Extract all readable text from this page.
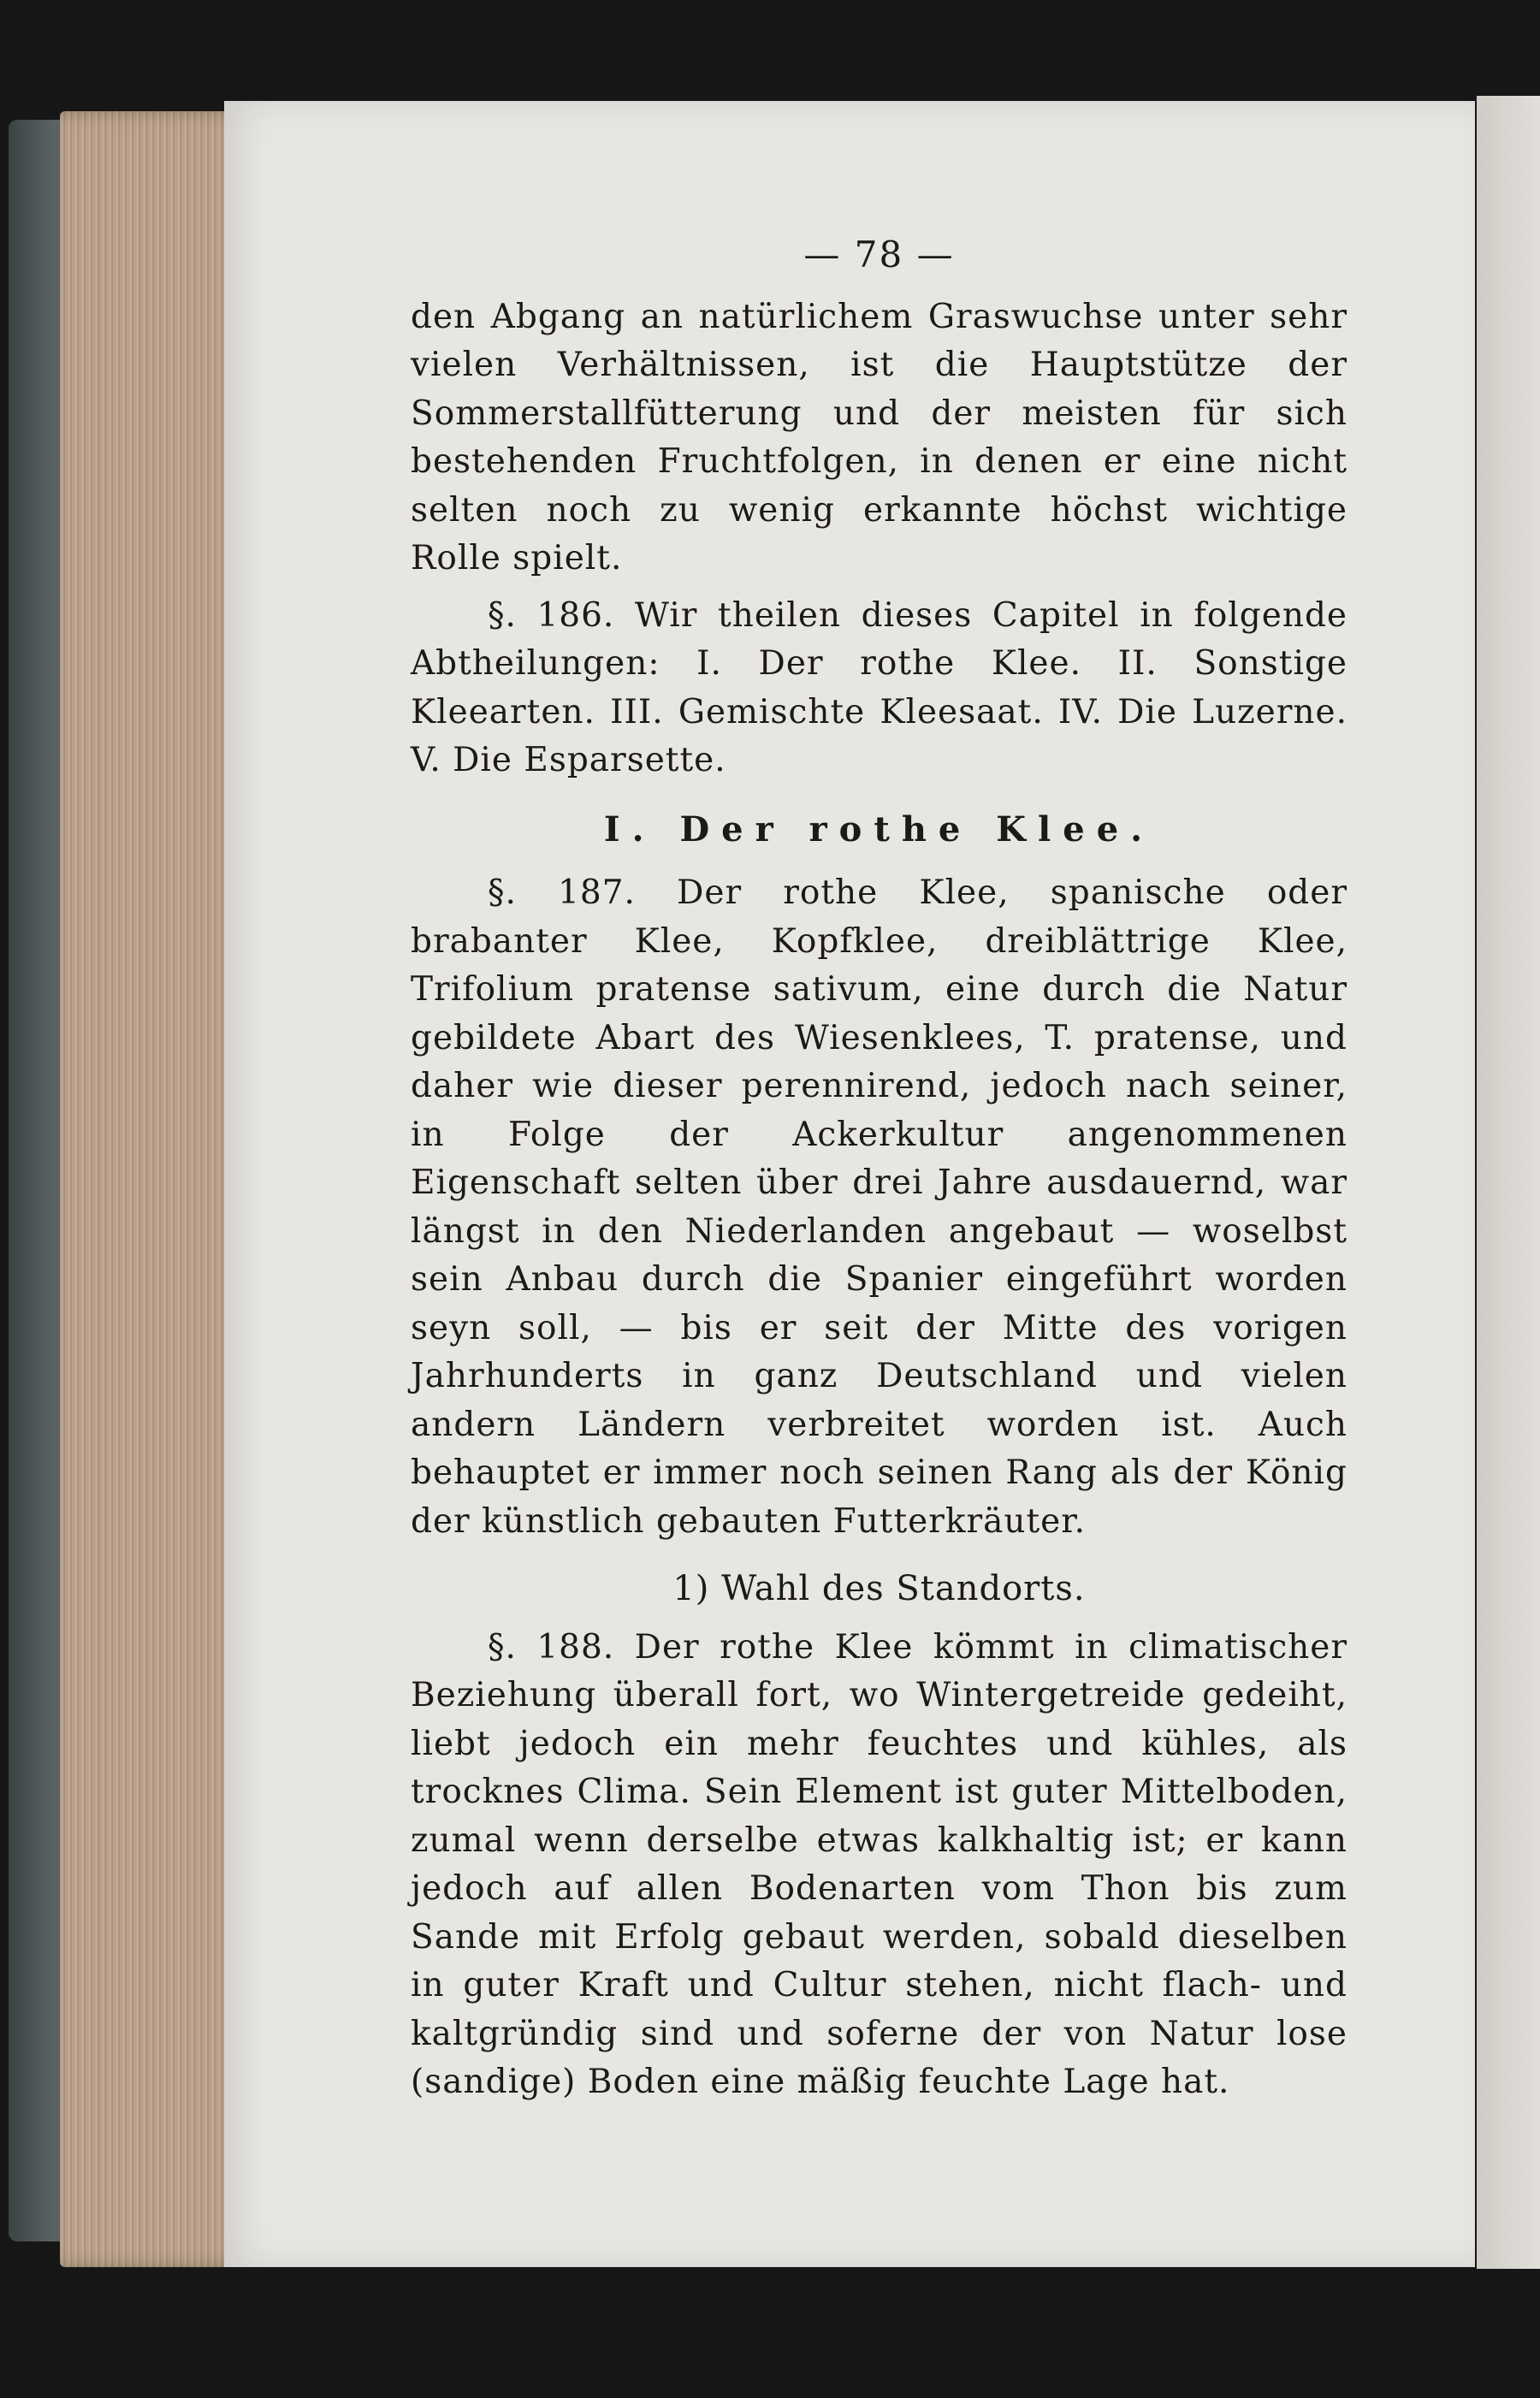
— 78 —

den Abgang an natürlichem Graswuchse unter sehr vielen Verhältnissen, ist die Hauptstütze der Sommerstallfütterung und der meisten für sich bestehenden Fruchtfolgen, in denen er eine nicht selten noch zu wenig erkannte höchst wichtige Rolle spielt.

§. 186. Wir theilen dieses Capitel in folgende Abtheilungen: I. Der rothe Klee. II. Sonstige Kleearten. III. Gemischte Kleesaat. IV. Die Luzerne. V. Die Esparsette.

I. Der rothe Klee.

§. 187. Der rothe Klee, spanische oder brabanter Klee, Kopfklee, dreiblättrige Klee, Trifolium pratense sativum, eine durch die Natur gebildete Abart des Wiesenklees, T. pratense, und daher wie dieser perennirend, jedoch nach seiner, in Folge der Ackerkultur angenommenen Eigenschaft selten über drei Jahre ausdauernd, war längst in den Niederlanden angebaut — woselbst sein Anbau durch die Spanier eingeführt worden seyn soll, — bis er seit der Mitte des vorigen Jahrhunderts in ganz Deutschland und vielen andern Ländern verbreitet worden ist. Auch behauptet er immer noch seinen Rang als der König der künstlich gebauten Futterkräuter.

1) Wahl des Standorts.

§. 188. Der rothe Klee kömmt in climatischer Beziehung überall fort, wo Wintergetreide gedeiht, liebt jedoch ein mehr feuchtes und kühles, als trocknes Clima. Sein Element ist guter Mittelboden, zumal wenn derselbe etwas kalkhaltig ist; er kann jedoch auf allen Bodenarten vom Thon bis zum Sande mit Erfolg gebaut werden, sobald dieselben in guter Kraft und Cultur stehen, nicht flach- und kaltgründig sind und soferne der von Natur lose (sandige) Boden eine mäßig feuchte Lage hat.
